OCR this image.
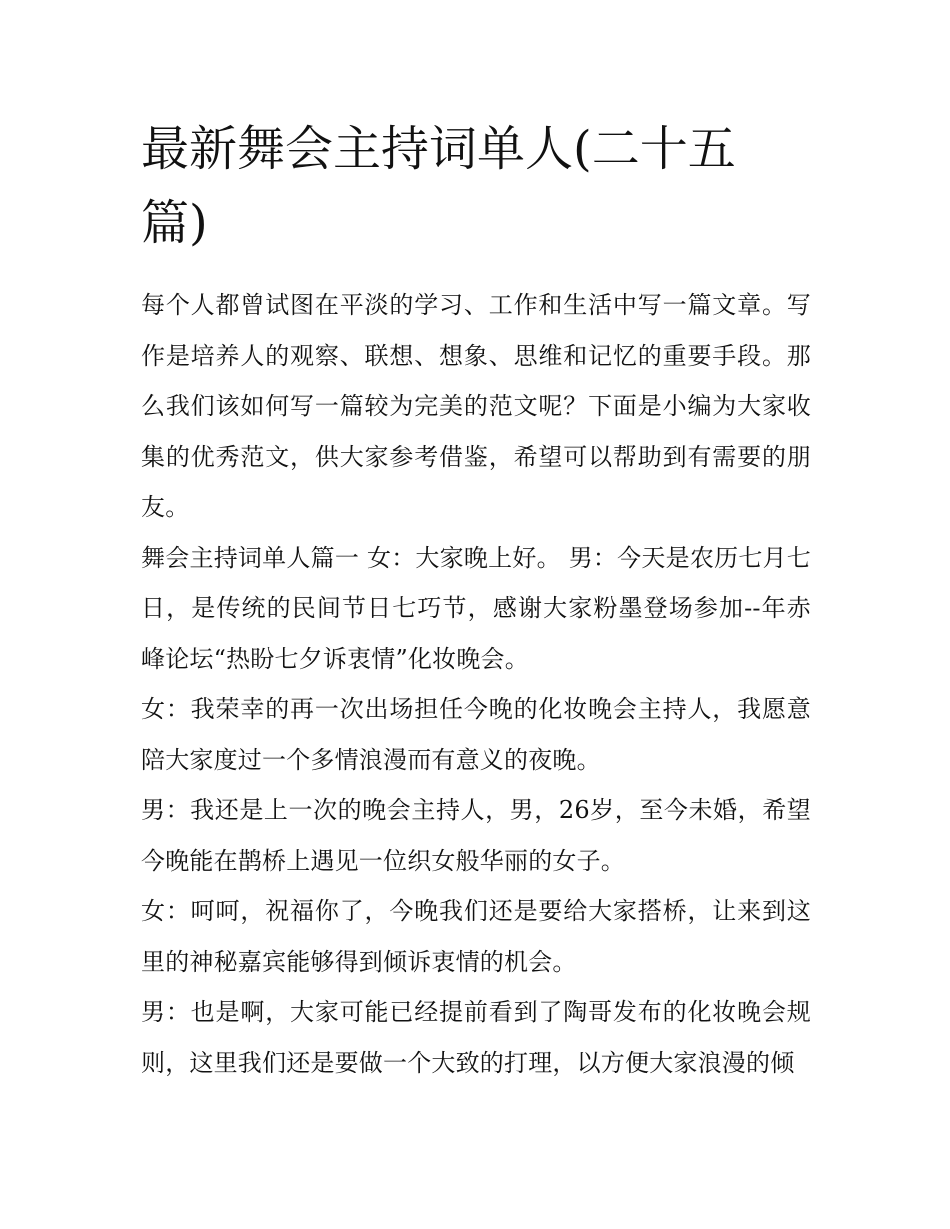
最新舞会主持词单人(二十五篇)

每个人都曾试图在平淡的学习、工作和生活中写一篇文章。写作是培养人的观察、联想、想象、思维和记忆的重要手段。那么我们该如何写一篇较为完美的范文呢？下面是小编为大家收集的优秀范文，供大家参考借鉴，希望可以帮助到有需要的朋友。

舞会主持词单人篇一 女：大家晚上好。 男：今天是农历七月七日，是传统的民间节日七巧节，感谢大家粉墨登场参加--年赤峰论坛“热盼七夕诉衷情”化妆晚会。

女：我荣幸的再一次出场担任今晚的化妆晚会主持人，我愿意陪大家度过一个多情浪漫而有意义的夜晚。

男：我还是上一次的晚会主持人，男，26岁，至今未婚，希望今晚能在鹊桥上遇见一位织女般华丽的女子。

女：呵呵，祝福你了，今晚我们还是要给大家搭桥，让来到这里的神秘嘉宾能够得到倾诉衷情的机会。

男：也是啊，大家可能已经提前看到了陶哥发布的化妆晚会规则，这里我们还是要做一个大致的打理，以方便大家浪漫的倾
